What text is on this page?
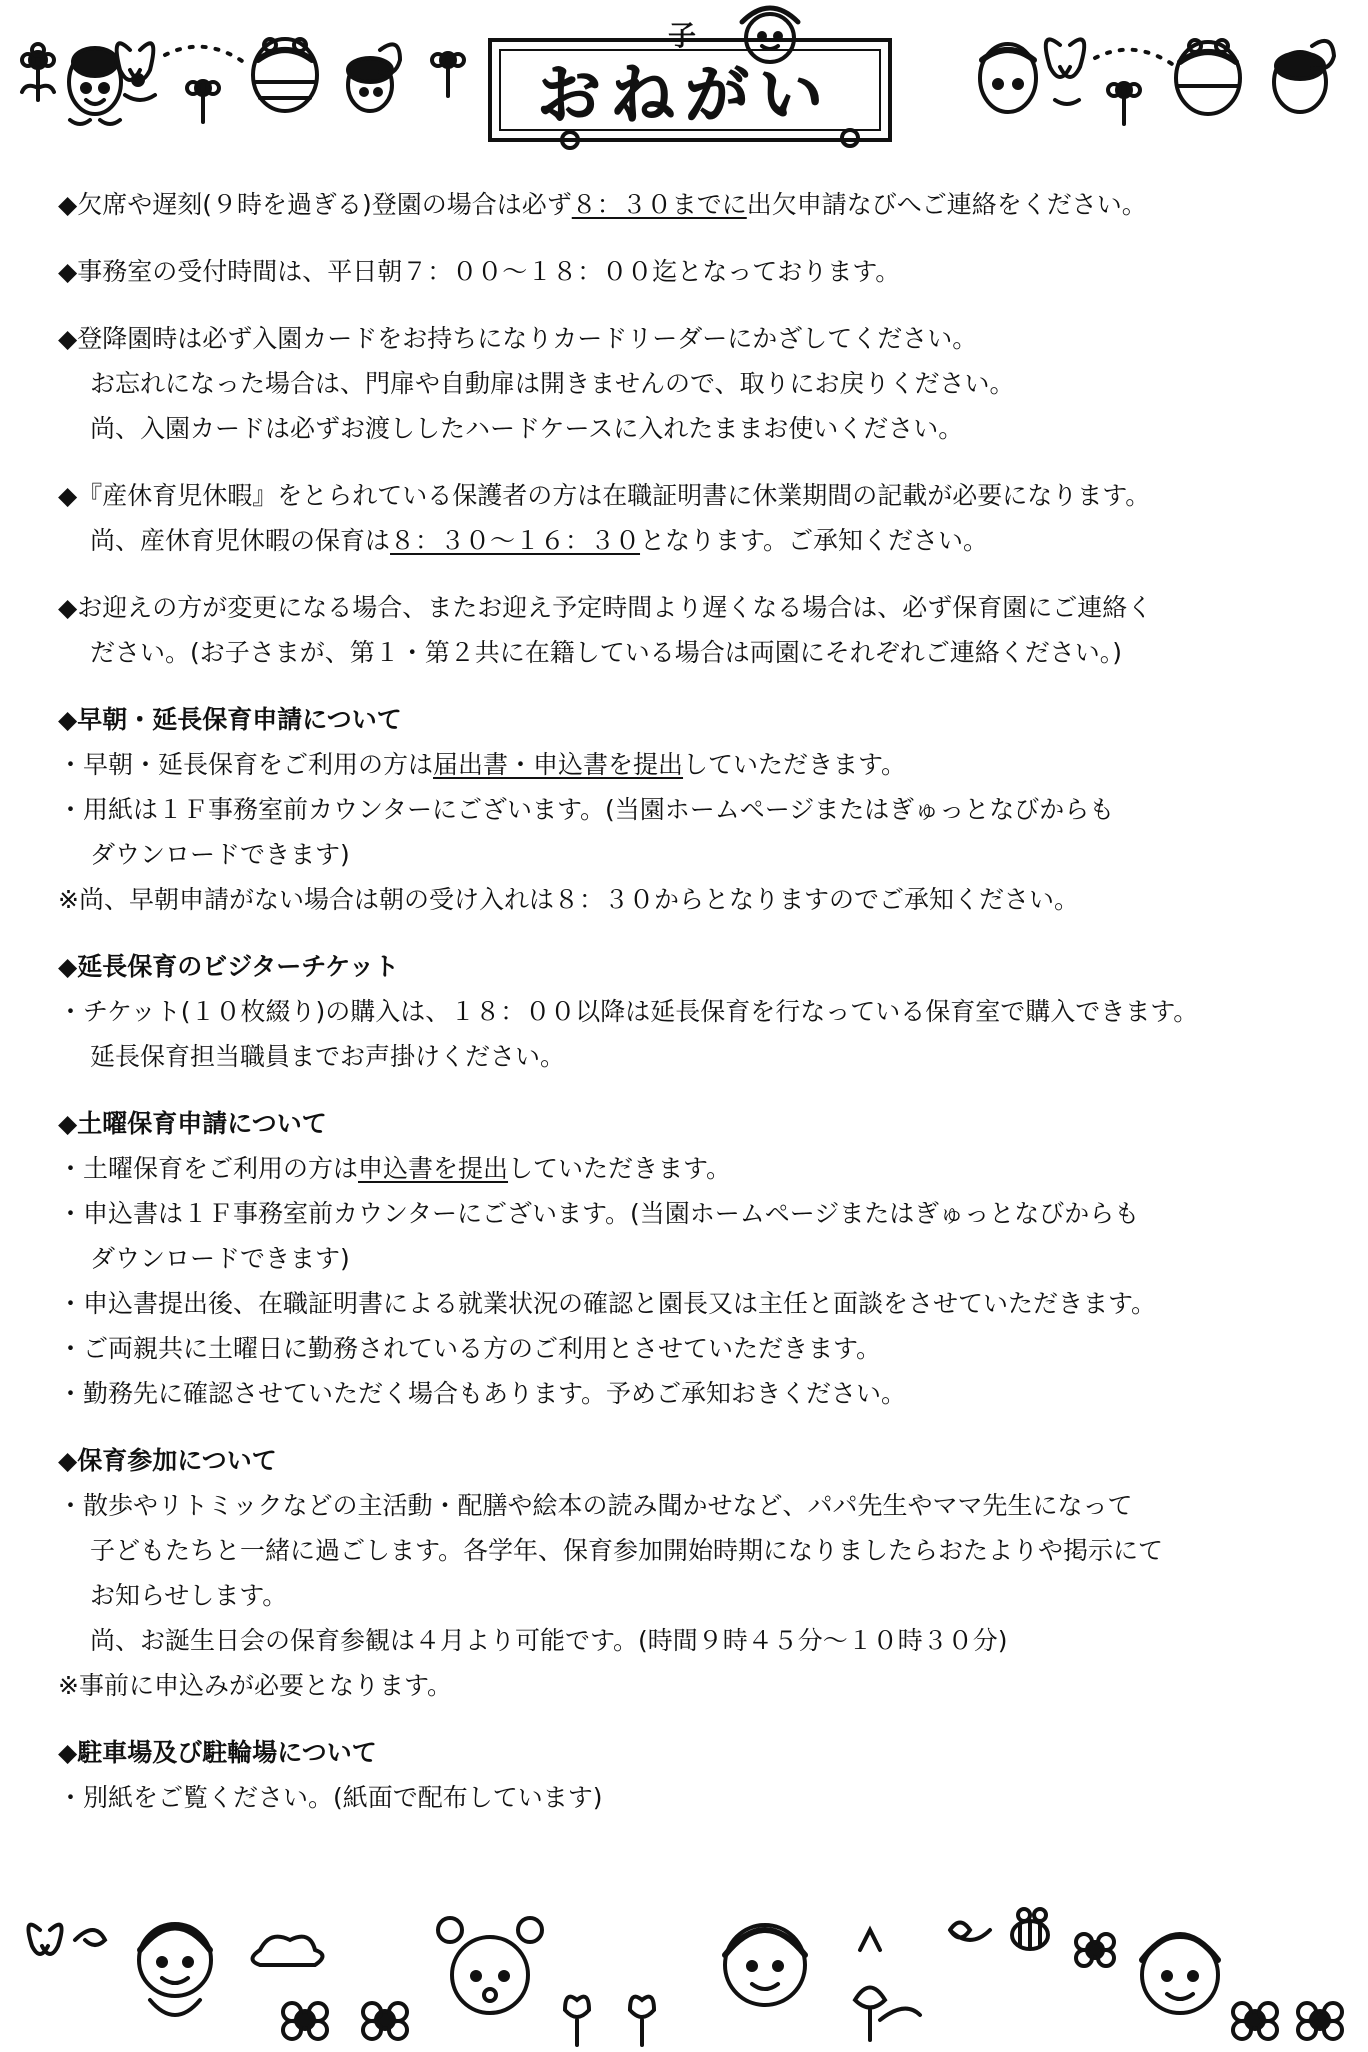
おねがい
子
◆欠席や遅刻(９時を過ぎる)登園の場合は必ず８：３０までに出欠申請なびへご連絡をください。
◆事務室の受付時間は、平日朝７：００～１８：００迄となっております。
◆登降園時は必ず入園カードをお持ちになりカードリーダーにかざしてください。
お忘れになった場合は、門扉や自動扉は開きませんので、取りにお戻りください。
尚、入園カードは必ずお渡ししたハードケースに入れたままお使いください。
◆『産休育児休暇』をとられている保護者の方は在職証明書に休業期間の記載が必要になります。
尚、産休育児休暇の保育は８：３０～１６：３０となります。ご承知ください。
◆お迎えの方が変更になる場合、またお迎え予定時間より遅くなる場合は、必ず保育園にご連絡く
ださい。(お子さまが、第１・第２共に在籍している場合は両園にそれぞれご連絡ください。)
◆早朝・延長保育申請について
・早朝・延長保育をご利用の方は届出書・申込書を提出していただきます。
・用紙は１Ｆ事務室前カウンターにございます。(当園ホームページまたはぎゅっとなびからも
ダウンロードできます)
※尚、早朝申請がない場合は朝の受け入れは８：３０からとなりますのでご承知ください。
◆延長保育のビジターチケット
・チケット(１０枚綴り)の購入は、１８：００以降は延長保育を行なっている保育室で購入できます。
延長保育担当職員までお声掛けください。
◆土曜保育申請について
・土曜保育をご利用の方は申込書を提出していただきます。
・申込書は１Ｆ事務室前カウンターにございます。(当園ホームページまたはぎゅっとなびからも
ダウンロードできます)
・申込書提出後、在職証明書による就業状況の確認と園長又は主任と面談をさせていただきます。
・ご両親共に土曜日に勤務されている方のご利用とさせていただきます。
・勤務先に確認させていただく場合もあります。予めご承知おきください。
◆保育参加について
・散歩やリトミックなどの主活動・配膳や絵本の読み聞かせなど、パパ先生やママ先生になって
子どもたちと一緒に過ごします。各学年、保育参加開始時期になりましたらおたよりや掲示にて
お知らせします。
尚、お誕生日会の保育参観は４月より可能です。(時間９時４５分～１０時３０分)
※事前に申込みが必要となります。
◆駐車場及び駐輪場について
・別紙をご覧ください。(紙面で配布しています)
